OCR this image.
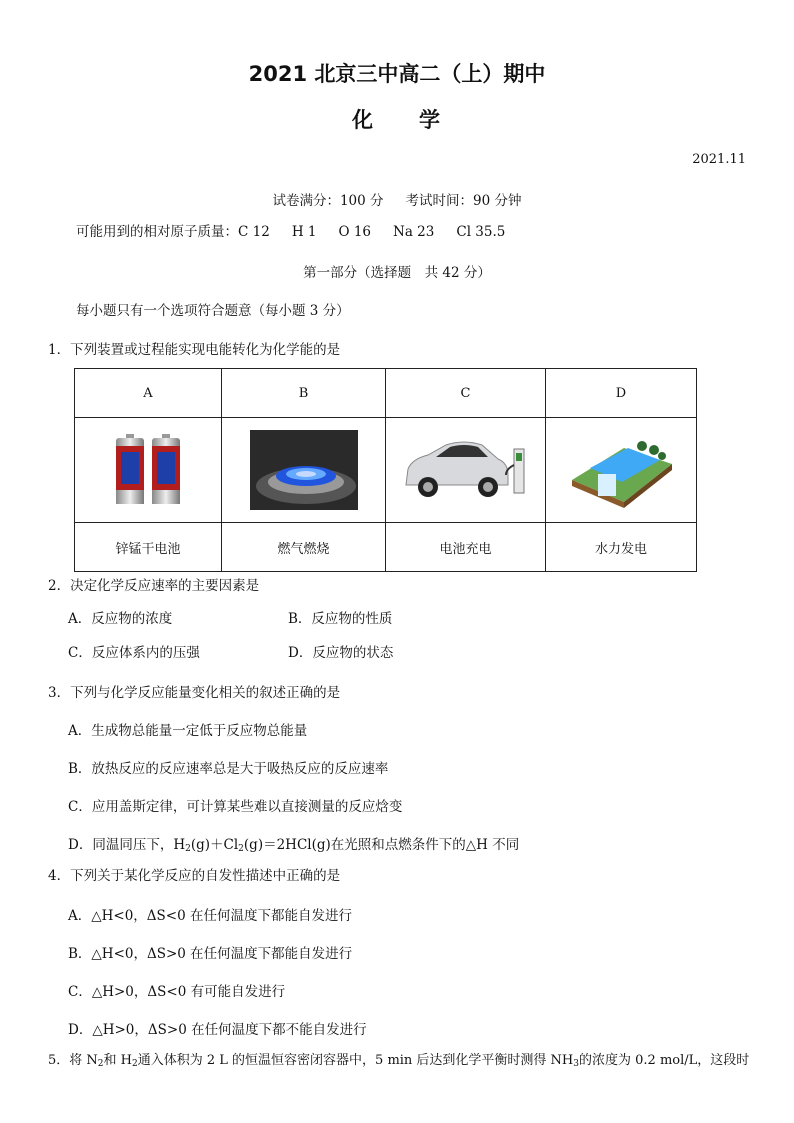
2021 北京三中高二（上）期中
化 学
2021.11
试卷满分：100 分 考试时间：90 分钟
可能用到的相对原子质量：C 12 H 1 O 16 Na 23 Cl 35.5
第一部分（选择题　共 42 分）
每小题只有一个选项符合题意（每小题 3 分）
1．下列装置或过程能实现电能转化为化学能的是
A	B	C	D

锌锰干电池	燃气燃烧	电池充电	水力发电
2．决定化学反应速率的主要因素是
A．反应物的浓度	B．反应物的性质
C．反应体系内的压强	D．反应物的状态
3．下列与化学反应能量变化相关的叙述正确的是
A．生成物总能量一定低于反应物总能量
B．放热反应的反应速率总是大于吸热反应的反应速率
C．应用盖斯定律，可计算某些难以直接测量的反应焓变
D．同温同压下，$H_2(g)+Cl_2(g)=2HCl(g)$在光照和点燃条件下的△H 不同
4．下列关于某化学反应的自发性描述中正确的是
A．△H<0，ΔS<0 在任何温度下都能自发进行
B．△H<0，ΔS>0 在任何温度下都能自发进行
C．△H>0，ΔS<0 有可能自发进行
D．△H>0，ΔS>0 在任何温度下都不能自发进行
5．将 $N_2$和 $H_2$通入体积为 2 L 的恒温恒容密闭容器中，5 min 后达到化学平衡时测得 $NH_3$的浓度为 0.2 mol/L，这段时
